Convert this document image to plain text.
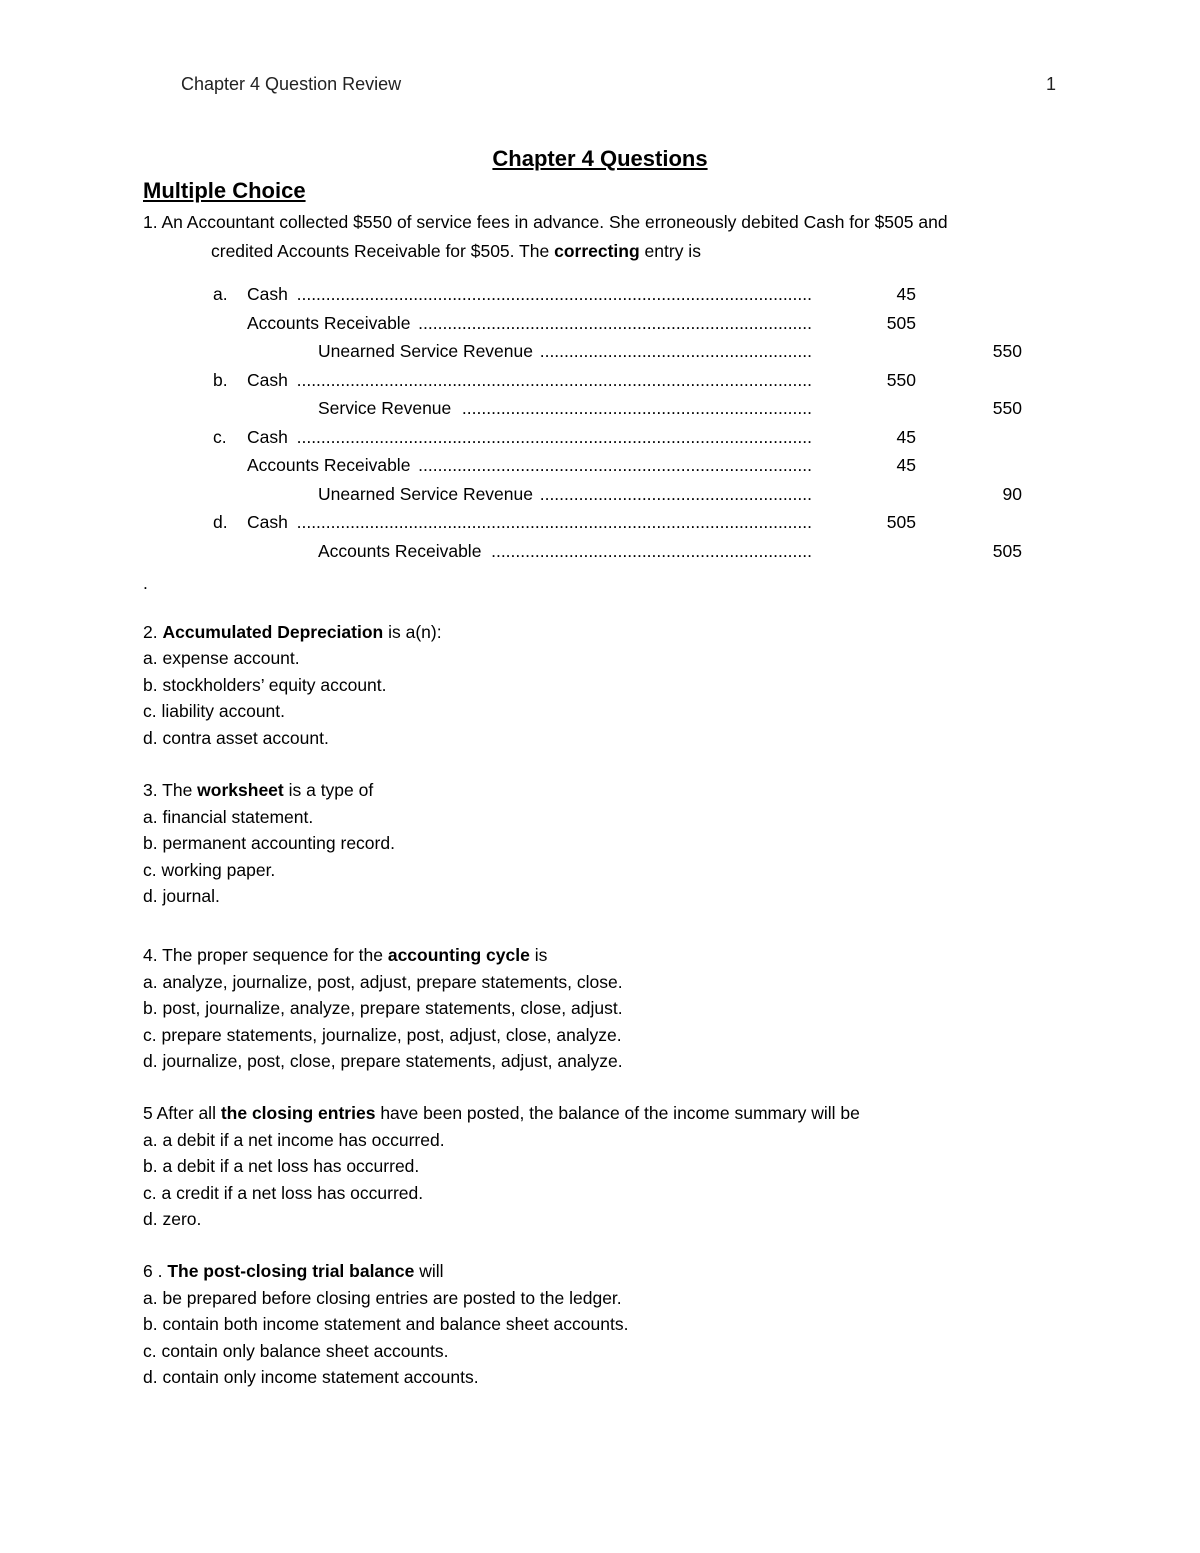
Chapter 4 Question Review	1
Chapter 4 Questions
Multiple Choice
1. An Accountant collected $550 of service fees in advance. She erroneously debited Cash for $505 and
credited Accounts Receivable for $505. The correcting entry is
a. Cash ..........................................................................................................	45
Accounts Receivable .................................................................................	505
Unearned Service Revenue ........................................................	550
b. Cash ..........................................................................................................	550
Service Revenue ........................................................................	550
c. Cash ..........................................................................................................	45
Accounts Receivable .................................................................................	45
Unearned Service Revenue ........................................................	90
d. Cash ..........................................................................................................	505
Accounts Receivable ..................................................................	505
.
2. Accumulated Depreciation is a(n):
a. expense account.
b. stockholders’ equity account.
c. liability account.
d. contra asset account.
3. The worksheet is a type of
a. financial statement.
b. permanent accounting record.
c. working paper.
d. journal.
4. The proper sequence for the accounting cycle is
a. analyze, journalize, post, adjust, prepare statements, close.
b. post, journalize, analyze, prepare statements, close, adjust.
c. prepare statements, journalize, post, adjust, close, analyze.
d. journalize, post, close, prepare statements, adjust, analyze.
5 After all the closing entries have been posted, the balance of the income summary will be
a. a debit if a net income has occurred.
b. a debit if a net loss has occurred.
c. a credit if a net loss has occurred.
d. zero.
6 . The post-closing trial balance will
a. be prepared before closing entries are posted to the ledger.
b. contain both income statement and balance sheet accounts.
c. contain only balance sheet accounts.
d. contain only income statement accounts.
